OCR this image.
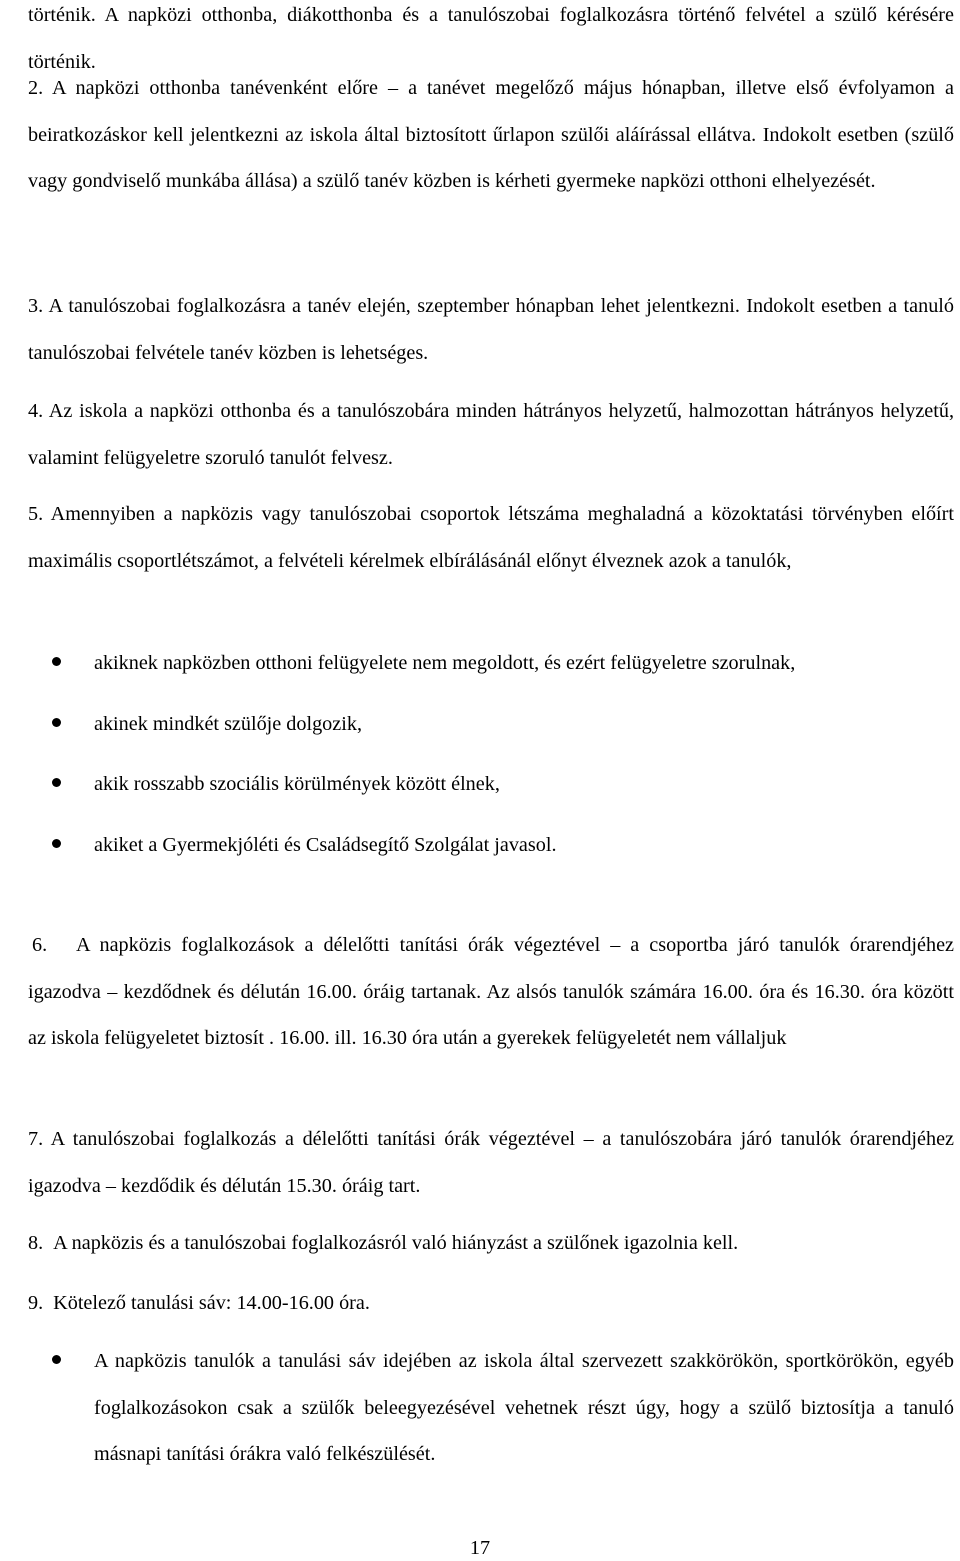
történik. A napközi otthonba, diákotthonba és a tanulószobai foglalkozásra történő felvétel a szülő kérésére történik.

2. A napközi otthonba tanévenként előre – a tanévet megelőző május hónapban, illetve első évfolyamon a beiratkozáskor kell jelentkezni az iskola által biztosított űrlapon szülői aláírással ellátva. Indokolt esetben (szülő vagy gondviselő munkába állása) a szülő tanév közben is kérheti gyermeke napközi otthoni elhelyezését.

3. A tanulószobai foglalkozásra a tanév elején, szeptember hónapban lehet jelentkezni. Indokolt esetben a tanuló tanulószobai felvétele tanév közben is lehetséges.

4. Az iskola a napközi otthonba és a tanulószobára minden hátrányos helyzetű, halmozottan hátrányos helyzetű, valamint felügyeletre szoruló tanulót felvesz.

5. Amennyiben a napközis vagy tanulószobai csoportok létszáma meghaladná a közoktatási törvényben előírt maximális csoportlétszámot, a felvételi kérelmek elbírálásánál előnyt élveznek azok a tanulók,

akiknek napközben otthoni felügyelete nem megoldott, és ezért felügyeletre szorulnak,
akinek mindkét szülője dolgozik,
akik rosszabb szociális körülmények között élnek,
akiket a Gyermekjóléti és Családsegítő Szolgálat javasol.

6. A napközis foglalkozások a délelőtti tanítási órák végeztével – a csoportba járó tanulók órarendjéhez igazodva – kezdődnek és délután 16.00. óráig tartanak. Az alsós tanulók számára 16.00. óra és 16.30. óra között az iskola felügyeletet biztosít . 16.00. ill. 16.30 óra után a gyerekek felügyeletét nem vállaljuk

7. A tanulószobai foglalkozás a délelőtti tanítási órák végeztével – a tanulószobára járó tanulók órarendjéhez igazodva – kezdődik és délután 15.30. óráig tart.

8. A napközis és a tanulószobai foglalkozásról való hiányzást a szülőnek igazolnia kell.

9. Kötelező tanulási sáv: 14.00-16.00 óra.

A napközis tanulók a tanulási sáv idejében az iskola által szervezett szakkörökön, sportkörökön, egyéb foglalkozásokon csak a szülők beleegyezésével vehetnek részt úgy, hogy a szülő biztosítja a tanuló másnapi tanítási órákra való felkészülését.
17
